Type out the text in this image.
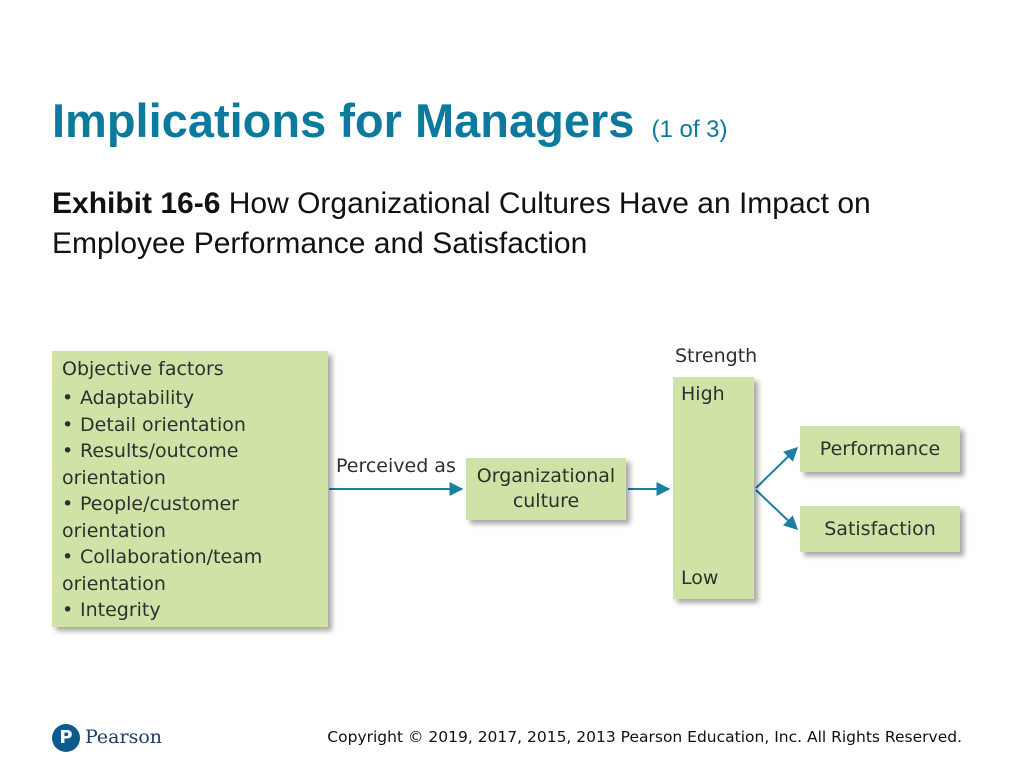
Implications for Managers (1 of 3)
Exhibit 16-6 How Organizational Cultures Have an Impact on Employee Performance and Satisfaction
Objective factors
• Adaptability
• Detail orientation
• Results/outcome
orientation
• People/customer
orientation
• Collaboration/team
orientation
• Integrity
Perceived as Organizational
culture
Strength
High
Low
Performance
Satisfaction
P Pearson	Copyright © 2019, 2017, 2015, 2013 Pearson Education, Inc. All Rights Reserved.
